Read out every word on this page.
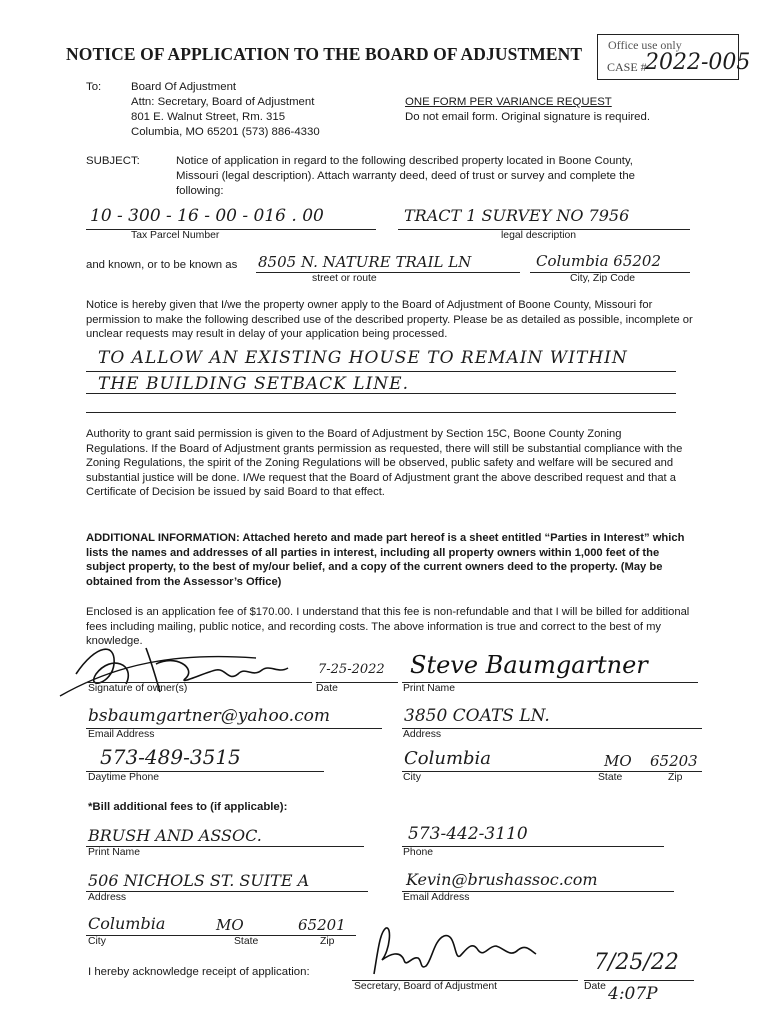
NOTICE OF APPLICATION TO THE BOARD OF ADJUSTMENT Office use only
CASE #
2022-005
To:	Board Of Adjustment
Attn: Secretary, Board of Adjustment
801 E. Walnut Street, Rm. 315
Columbia, MO 65201 (573) 886-4330
ONE FORM PER VARIANCE REQUEST
Do not email form. Original signature is required.
SUBJECT:	Notice of application in regard to the following described property located in Boone County, Missouri (legal description). Attach warranty deed, deed of trust or survey and complete the following:
10 - 300 - 16 - 00 - 016 . 00
Tax Parcel Number
TRACT 1 SURVEY NO 7956
legal description
and known, or to be known as 8505 N. NATURE TRAIL LN
street or route
Columbia 65202
City, Zip Code
Notice is hereby given that I/we the property owner apply to the Board of Adjustment of Boone County, Missouri for permission to make the following described use of the described property. Please be as detailed as possible, incomplete or unclear requests may result in delay of your application being processed.
TO ALLOW AN EXISTING HOUSE TO REMAIN WITHIN
THE BUILDING SETBACK LINE.
Authority to grant said permission is given to the Board of Adjustment by Section 15C, Boone County Zoning Regulations. If the Board of Adjustment grants permission as requested, there will still be substantial compliance with the Zoning Regulations, the spirit of the Zoning Regulations will be observed, public safety and welfare will be secured and substantial justice will be done. I/We request that the Board of Adjustment grant the above described request and that a Certificate of Decision be issued by said Board to that effect.
ADDITIONAL INFORMATION: Attached hereto and made part hereof is a sheet entitled “Parties in Interest” which lists the names and addresses of all parties in interest, including all property owners within 1,000 feet of the subject property, to the best of my/our belief, and a copy of the current owners deed to the property. (May be obtained from the Assessor’s Office)
Enclosed is an application fee of $170.00. I understand that this fee is non-refundable and that I will be billed for additional fees including mailing, public notice, and recording costs. The above information is true and correct to the best of my knowledge.
Signature of owner(s)
7-25-2022
Date
Steve Baumgartner
Print Name
bsbaumgartner@yahoo.com
Email Address
3850 COATS LN.
Address
573-489-3515
Daytime Phone
Columbia	MO 65203
City	State	Zip
*Bill additional fees to (if applicable):
BRUSH AND ASSOC.
Print Name
573-442-3110
Phone
506 NICHOLS ST. SUITE A
Address
Kevin@brushassoc.com
Email Address
Columbia	MO	65201
City	State	Zip
I hereby acknowledge receipt of application:
Secretary, Board of Adjustment
7/25/22
Date 4:07P
